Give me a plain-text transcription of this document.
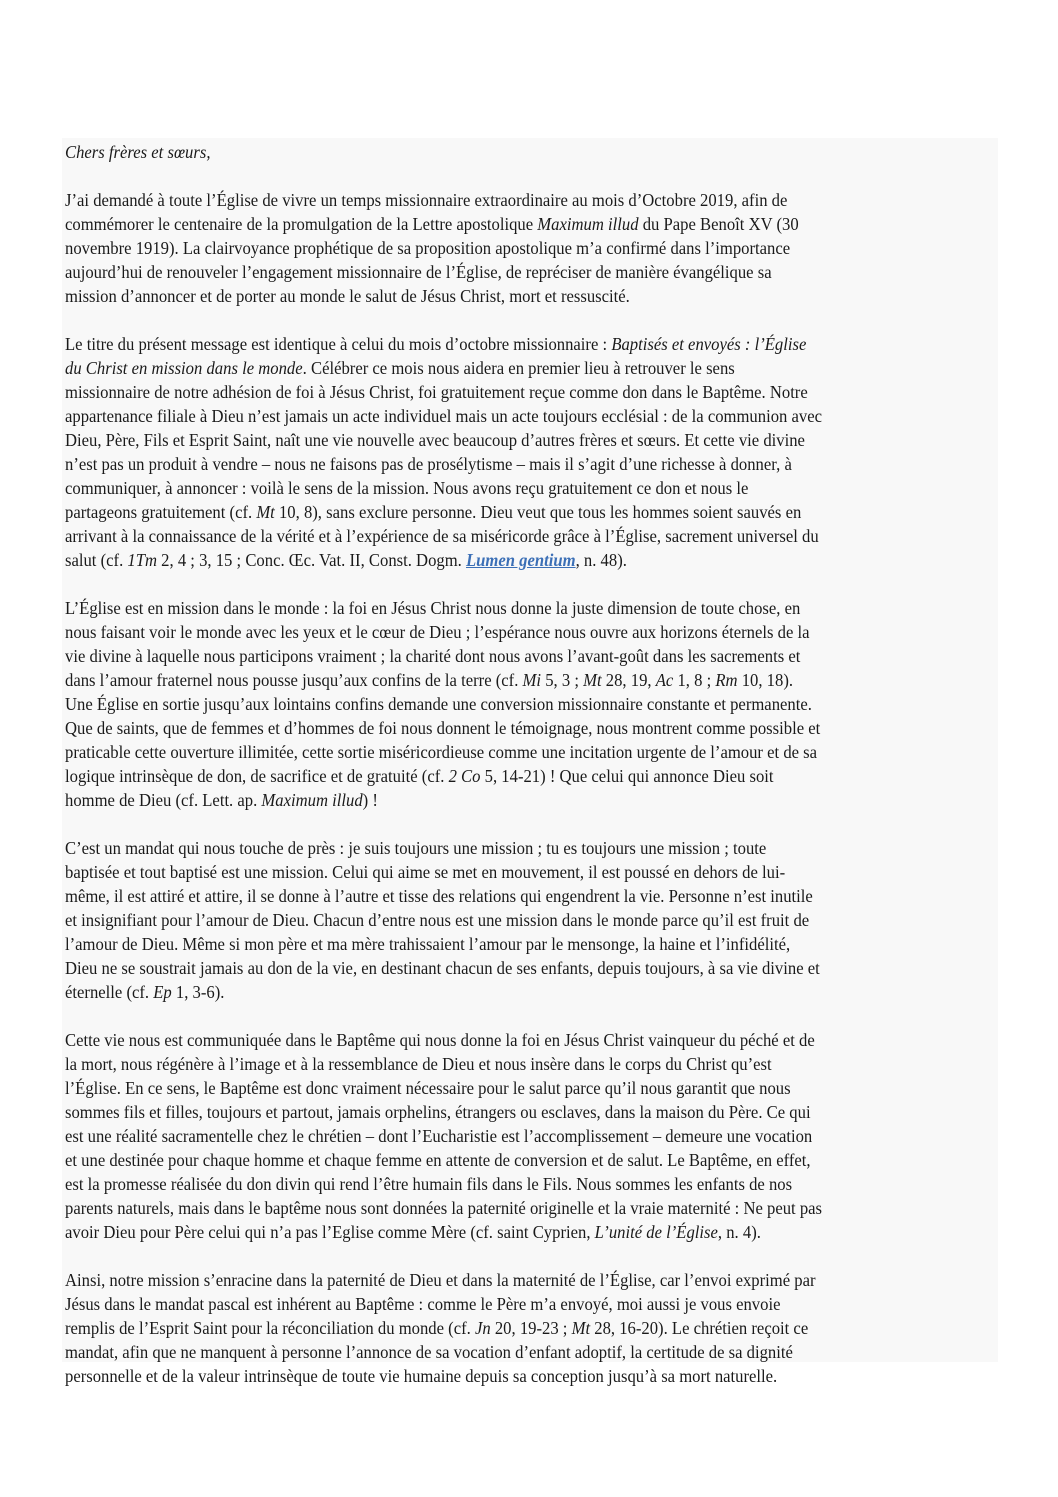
Chers frères et sœurs,
J’ai demandé à toute l’Église de vivre un temps missionnaire extraordinaire au mois d’Octobre 2019, afin de
commémorer le centenaire de la promulgation de la Lettre apostolique Maximum illud du Pape Benoît XV (30
novembre 1919). La clairvoyance prophétique de sa proposition apostolique m’a confirmé dans l’importance
aujourd’hui de renouveler l’engagement missionnaire de l’Église, de repréciser de manière évangélique sa
mission d’annoncer et de porter au monde le salut de Jésus Christ, mort et ressuscité.
Le titre du présent message est identique à celui du mois d’octobre missionnaire : Baptisés et envoyés : l’Église
du Christ en mission dans le monde. Célébrer ce mois nous aidera en premier lieu à retrouver le sens
missionnaire de notre adhésion de foi à Jésus Christ, foi gratuitement reçue comme don dans le Baptême. Notre
appartenance filiale à Dieu n’est jamais un acte individuel mais un acte toujours ecclésial : de la communion avec
Dieu, Père, Fils et Esprit Saint, naît une vie nouvelle avec beaucoup d’autres frères et sœurs. Et cette vie divine
n’est pas un produit à vendre – nous ne faisons pas de prosélytisme – mais il s’agit d’une richesse à donner, à
communiquer, à annoncer : voilà le sens de la mission. Nous avons reçu gratuitement ce don et nous le
partageons gratuitement (cf. Mt 10, 8), sans exclure personne. Dieu veut que tous les hommes soient sauvés en
arrivant à la connaissance de la vérité et à l’expérience de sa miséricorde grâce à l’Église, sacrement universel du
salut (cf. 1Tm 2, 4 ; 3, 15 ; Conc. Œc. Vat. II, Const. Dogm. Lumen gentium, n. 48).
L’Église est en mission dans le monde : la foi en Jésus Christ nous donne la juste dimension de toute chose, en
nous faisant voir le monde avec les yeux et le cœur de Dieu ; l’espérance nous ouvre aux horizons éternels de la
vie divine à laquelle nous participons vraiment ; la charité dont nous avons l’avant-goût dans les sacrements et
dans l’amour fraternel nous pousse jusqu’aux confins de la terre (cf. Mi 5, 3 ; Mt 28, 19, Ac 1, 8 ; Rm 10, 18).
Une Église en sortie jusqu’aux lointains confins demande une conversion missionnaire constante et permanente.
Que de saints, que de femmes et d’hommes de foi nous donnent le témoignage, nous montrent comme possible et
praticable cette ouverture illimitée, cette sortie miséricordieuse comme une incitation urgente de l’amour et de sa
logique intrinsèque de don, de sacrifice et de gratuité (cf. 2 Co 5, 14-21) ! Que celui qui annonce Dieu soit
homme de Dieu (cf. Lett. ap. Maximum illud) !
C’est un mandat qui nous touche de près : je suis toujours une mission ; tu es toujours une mission ; toute
baptisée et tout baptisé est une mission. Celui qui aime se met en mouvement, il est poussé en dehors de lui-
même, il est attiré et attire, il se donne à l’autre et tisse des relations qui engendrent la vie. Personne n’est inutile
et insignifiant pour l’amour de Dieu. Chacun d’entre nous est une mission dans le monde parce qu’il est fruit de
l’amour de Dieu. Même si mon père et ma mère trahissaient l’amour par le mensonge, la haine et l’infidélité,
Dieu ne se soustrait jamais au don de la vie, en destinant chacun de ses enfants, depuis toujours, à sa vie divine et
éternelle (cf. Ep 1, 3-6).
Cette vie nous est communiquée dans le Baptême qui nous donne la foi en Jésus Christ vainqueur du péché et de
la mort, nous régénère à l’image et à la ressemblance de Dieu et nous insère dans le corps du Christ qu’est
l’Église. En ce sens, le Baptême est donc vraiment nécessaire pour le salut parce qu’il nous garantit que nous
sommes fils et filles, toujours et partout, jamais orphelins, étrangers ou esclaves, dans la maison du Père. Ce qui
est une réalité sacramentelle chez le chrétien – dont l’Eucharistie est l’accomplissement – demeure une vocation
et une destinée pour chaque homme et chaque femme en attente de conversion et de salut. Le Baptême, en effet,
est la promesse réalisée du don divin qui rend l’être humain fils dans le Fils. Nous sommes les enfants de nos
parents naturels, mais dans le baptême nous sont données la paternité originelle et la vraie maternité : Ne peut pas
avoir Dieu pour Père celui qui n’a pas l’Eglise comme Mère (cf. saint Cyprien, L’unité de l’Église, n. 4).
Ainsi, notre mission s’enracine dans la paternité de Dieu et dans la maternité de l’Église, car l’envoi exprimé par
Jésus dans le mandat pascal est inhérent au Baptême : comme le Père m’a envoyé, moi aussi je vous envoie
remplis de l’Esprit Saint pour la réconciliation du monde (cf. Jn 20, 19-23 ; Mt 28, 16-20). Le chrétien reçoit ce
mandat, afin que ne manquent à personne l’annonce de sa vocation d’enfant adoptif, la certitude de sa dignité
personnelle et de la valeur intrinsèque de toute vie humaine depuis sa conception jusqu’à sa mort naturelle.
